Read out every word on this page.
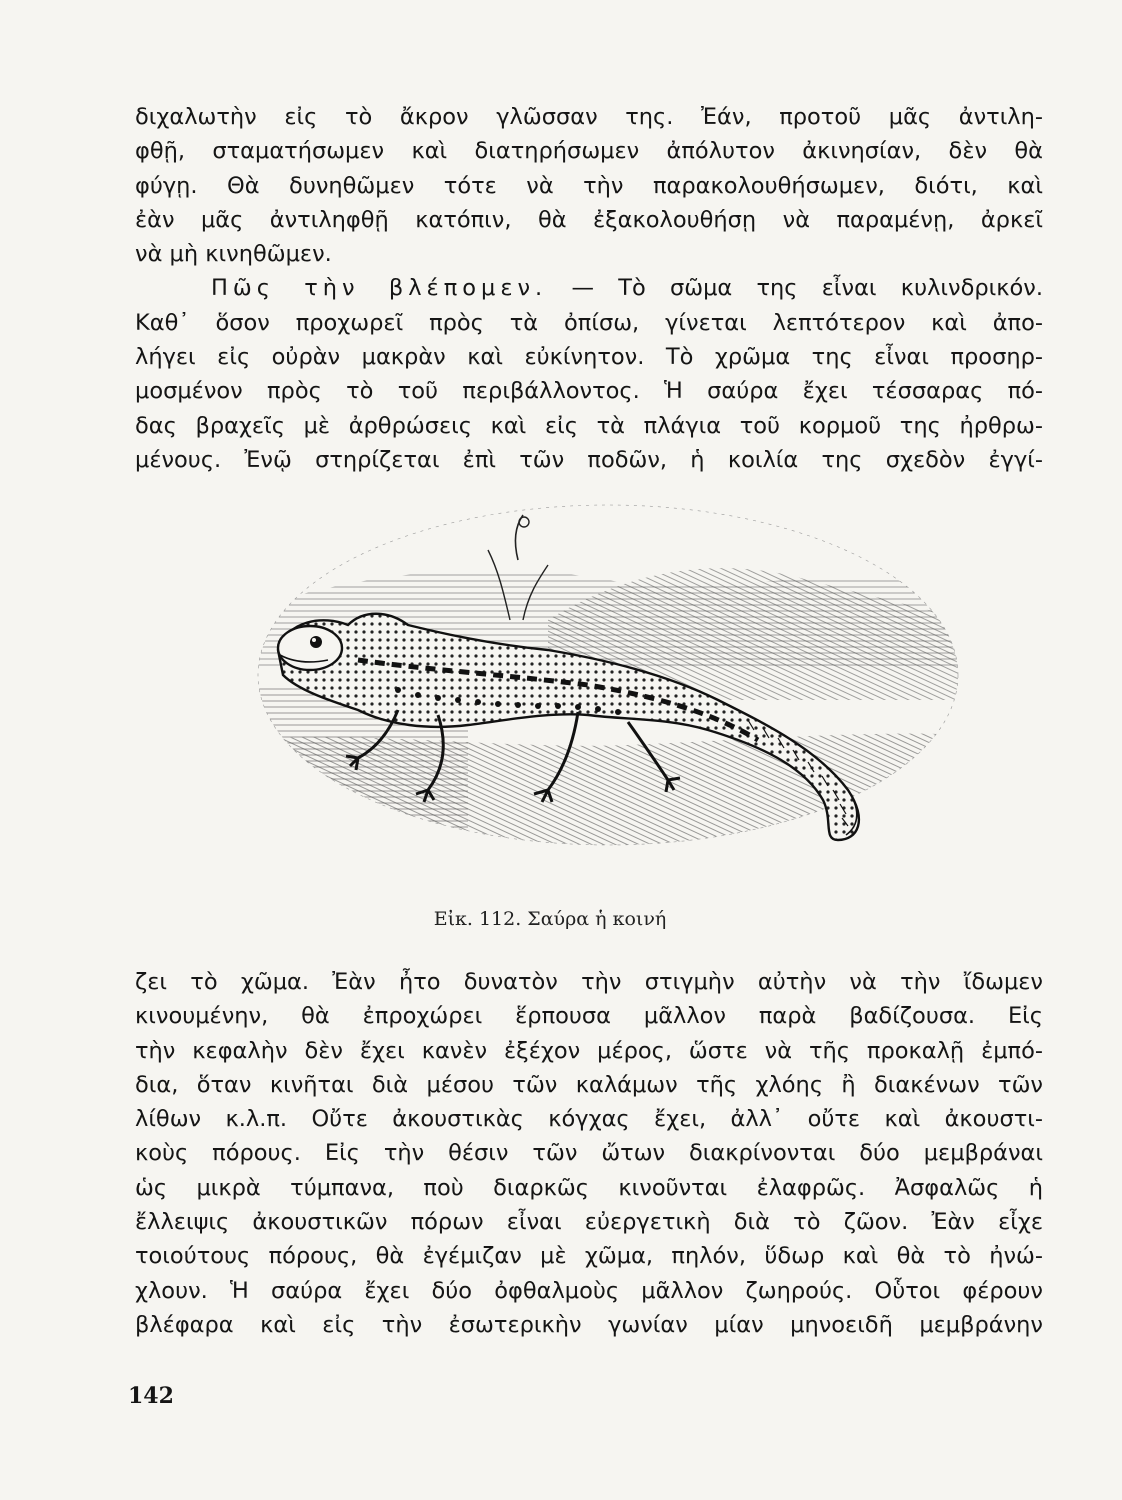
διχαλωτὴν εἰς τὸ ἄκρον γλῶσσαν της. Ἐάν, προτοῦ μᾶς ἀντιλη-
φθῇ, σταματήσωμεν καὶ διατηρήσωμεν ἀπόλυτον ἀκινησίαν, δὲν θὰ
φύγῃ. Θὰ δυνηθῶμεν τότε νὰ τὴν παρακολουθήσωμεν, διότι, καὶ
ἐὰν μᾶς ἀντιληφθῇ κατόπιν, θὰ ἐξακολουθήσῃ νὰ παραμένῃ, ἀρκεῖ
νὰ μὴ κινηθῶμεν.
Πῶς τὴν βλέπομεν. — Τὸ σῶμα της εἶναι κυλινδρικόν.
Καθ᾽ ὅσον προχωρεῖ πρὸς τὰ ὀπίσω, γίνεται λεπτότερον καὶ ἀπο-
λήγει εἰς οὐρὰν μακρὰν καὶ εὐκίνητον. Τὸ χρῶμα της εἶναι προσηρ-
μοσμένον πρὸς τὸ τοῦ περιβάλλοντος. Ἡ σαύρα ἔχει τέσσαρας πό-
δας βραχεῖς μὲ ἀρθρώσεις καὶ εἰς τὰ πλάγια τοῦ κορμοῦ της ἠρθρω-
μένους. Ἐνῷ στηρίζεται ἐπὶ τῶν ποδῶν, ἡ κοιλία της σχεδὸν ἐγγί-
Εἰκ. 112. Σαύρα ἡ κοινή
ζει τὸ χῶμα. Ἐὰν ἦτο δυνατὸν τὴν στιγμὴν αὐτὴν νὰ τὴν ἴδωμεν
κινουμένην, θὰ ἐπροχώρει ἕρπουσα μᾶλλον παρὰ βαδίζουσα. Εἰς
τὴν κεφαλὴν δὲν ἔχει κανὲν ἐξέχον μέρος, ὥστε νὰ τῆς προκαλῇ ἐμπό-
δια, ὅταν κινῆται διὰ μέσου τῶν καλάμων τῆς χλόης ἢ διακένων τῶν
λίθων κ.λ.π. Οὔτε ἀκουστικὰς κόγχας ἔχει, ἀλλ᾽ οὔτε καὶ ἀκουστι-
κοὺς πόρους. Εἰς τὴν θέσιν τῶν ὤτων διακρίνονται δύο μεμβράναι
ὡς μικρὰ τύμπανα, ποὺ διαρκῶς κινοῦνται ἐλαφρῶς. Ἀσφαλῶς ἡ
ἔλλειψις ἀκουστικῶν πόρων εἶναι εὐεργετικὴ διὰ τὸ ζῶον. Ἐὰν εἶχε
τοιούτους πόρους, θὰ ἐγέμιζαν μὲ χῶμα, πηλόν, ὕδωρ καὶ θὰ τὸ ἠνώ-
χλουν. Ἡ σαύρα ἔχει δύο ὀφθαλμοὺς μᾶλλον ζωηρούς. Οὗτοι φέρουν
βλέφαρα καὶ εἰς τὴν ἐσωτερικὴν γωνίαν μίαν μηνοειδῆ μεμβράνην
142
